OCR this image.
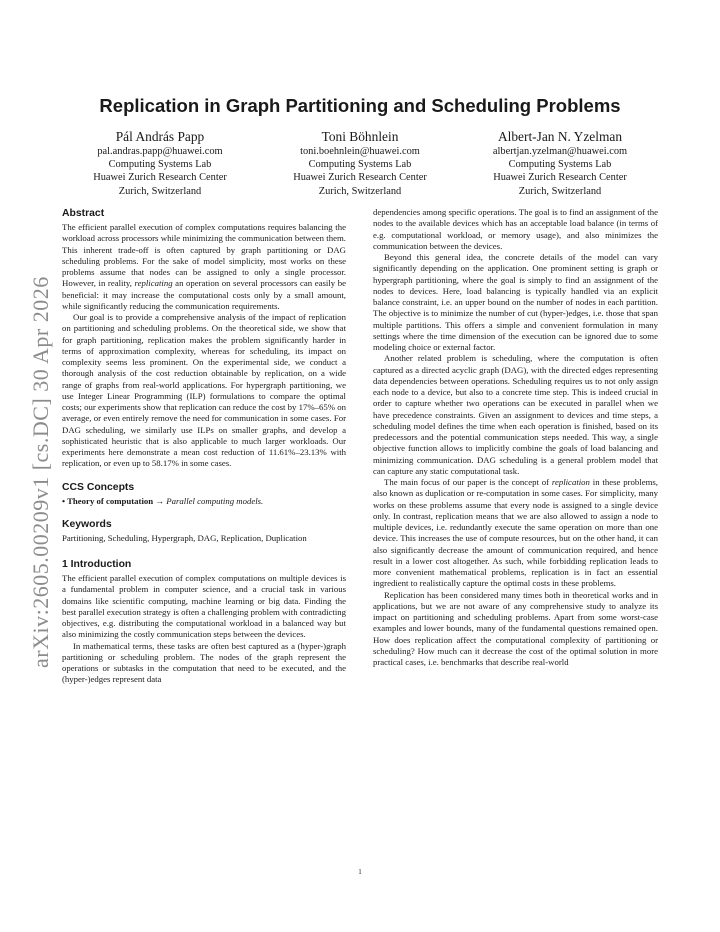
arXiv:2605.00209v1 [cs.DC] 30 Apr 2026
Replication in Graph Partitioning and Scheduling Problems
Pál András Papp
pal.andras.papp@huawei.com
Computing Systems Lab
Huawei Zurich Research Center
Zurich, Switzerland
Toni Böhnlein
toni.boehnlein@huawei.com
Computing Systems Lab
Huawei Zurich Research Center
Zurich, Switzerland
Albert-Jan N. Yzelman
albertjan.yzelman@huawei.com
Computing Systems Lab
Huawei Zurich Research Center
Zurich, Switzerland
Abstract

The efficient parallel execution of complex computations requires balancing the workload across processors while minimizing the communication between them. This inherent trade-off is often captured by graph partitioning or DAG scheduling problems. For the sake of model simplicity, most works on these problems assume that nodes can be assigned to only a single processor. However, in reality, replicating an operation on several processors can easily be beneficial: it may increase the computational costs only by a small amount, while significantly reducing the communication requirements.

Our goal is to provide a comprehensive analysis of the impact of replication on partitioning and scheduling problems. On the theoretical side, we show that for graph partitioning, replication makes the problem significantly harder in terms of approximation complexity, whereas for scheduling, its impact on complexity seems less prominent. On the experimental side, we conduct a thorough analysis of the cost reduction obtainable by replication, on a wide range of graphs from real-world applications. For hypergraph partitioning, we use Integer Linear Programming (ILP) formulations to compare the optimal costs; our experiments show that replication can reduce the cost by 17%–65% on average, or even entirely remove the need for communication in some cases. For DAG scheduling, we similarly use ILPs on smaller graphs, and develop a sophisticated heuristic that is also applicable to much larger workloads. Our experiments here demonstrate a mean cost reduction of 11.61%–23.13% with replication, or even up to 58.17% in some cases.

CCS Concepts

• Theory of computation → Parallel computing models.

Keywords

Partitioning, Scheduling, Hypergraph, DAG, Replication, Duplication

1 Introduction

The efficient parallel execution of complex computations on multiple devices is a fundamental problem in computer science, and a crucial task in various domains like scientific computing, machine learning or big data. Finding the best parallel execution strategy is often a challenging problem with contradicting objectives, e.g. distributing the computational workload in a balanced way but also minimizing the costly communication steps between the devices.

In mathematical terms, these tasks are often best captured as a (hyper-)graph partitioning or scheduling problem. The nodes of the graph represent the operations or subtasks in the computation that need to be executed, and the (hyper-)edges represent data

dependencies among specific operations. The goal is to find an assignment of the nodes to the available devices which has an acceptable load balance (in terms of e.g. computational workload, or memory usage), and also minimizes the communication between the devices.

Beyond this general idea, the concrete details of the model can vary significantly depending on the application. One prominent setting is graph or hypergraph partitioning, where the goal is simply to find an assignment of the nodes to devices. Here, load balancing is typically handled via an explicit balance constraint, i.e. an upper bound on the number of nodes in each partition. The objective is to minimize the number of cut (hyper-)edges, i.e. those that span multiple partitions. This offers a simple and convenient formulation in many settings where the time dimension of the execution can be ignored due to some modeling choice or external factor.

Another related problem is scheduling, where the computation is often captured as a directed acyclic graph (DAG), with the directed edges representing data dependencies between operations. Scheduling requires us to not only assign each node to a device, but also to a concrete time step. This is indeed crucial in order to capture whether two operations can be executed in parallel when we have precedence constraints. Given an assignment to devices and time steps, a scheduling model defines the time when each operation is finished, based on its predecessors and the potential communication steps needed. This way, a single objective function allows to implicitly combine the goals of load balancing and minimizing communication. DAG scheduling is a general problem model that can capture any static computational task.

The main focus of our paper is the concept of replication in these problems, also known as duplication or re-computation in some cases. For simplicity, many works on these problems assume that every node is assigned to a single device only. In contrast, replication means that we are also allowed to assign a node to multiple devices, i.e. redundantly execute the same operation on more than one device. This increases the use of compute resources, but on the other hand, it can also significantly decrease the amount of communication required, and hence result in a lower cost altogether. As such, while forbidding replication leads to more convenient mathematical problems, replication is in fact an essential ingredient to realistically capture the optimal costs in these problems.

Replication has been considered many times both in theoretical works and in applications, but we are not aware of any comprehensive study to analyze its impact on partitioning and scheduling problems. Apart from some worst-case examples and lower bounds, many of the fundamental questions remained open. How does replication affect the computational complexity of partitioning or scheduling? How much can it decrease the cost of the optimal solution in more practical cases, i.e. benchmarks that describe real-world

1
